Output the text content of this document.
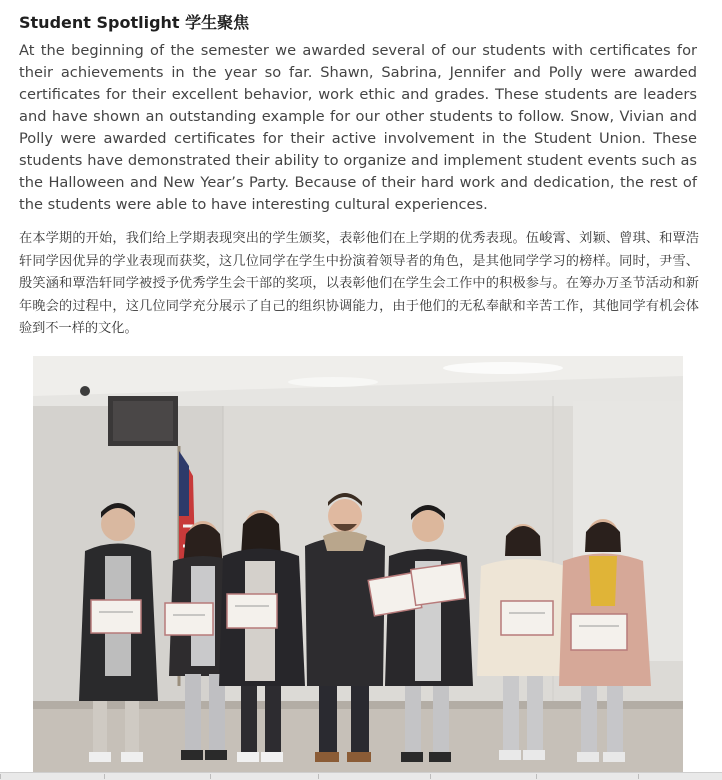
Student Spotlight 学生聚焦
At the beginning of the semester we awarded several of our students with certificates for their achievements in the year so far. Shawn, Sabrina, Jennifer and Polly were awarded certificates for their excellent behavior, work ethic and grades. These students are leaders and have shown an outstanding example for our other students to follow. Snow, Vivian and Polly were awarded certificates for their active involvement in the Student Union. These students have demonstrated their ability to organize and implement student events such as the Halloween and New Year’s Party. Because of their hard work and dedication, the rest of the students were able to have interesting cultural experiences.
在本学期的开始，我们给上学期表现突出的学生颁奖，表彰他们在上学期的优秀表现。伍峻霄、刘颖、曾琪、和覃浩轩同学因优异的学业表现而获奖，这几位同学在学生中扮演着领导者的角色，是其他同学学习的榜样。同时，尹雪、殷笑涵和覃浩轩同学被授予优秀学生会干部的奖项，以表彰他们在学生会工作中的积极参与。在筹办万圣节活动和新年晚会的过程中，这几位同学充分展示了自己的组织协调能力，由于他们的无私奉献和辛苦工作，其他同学有机会体验到不一样的文化。
